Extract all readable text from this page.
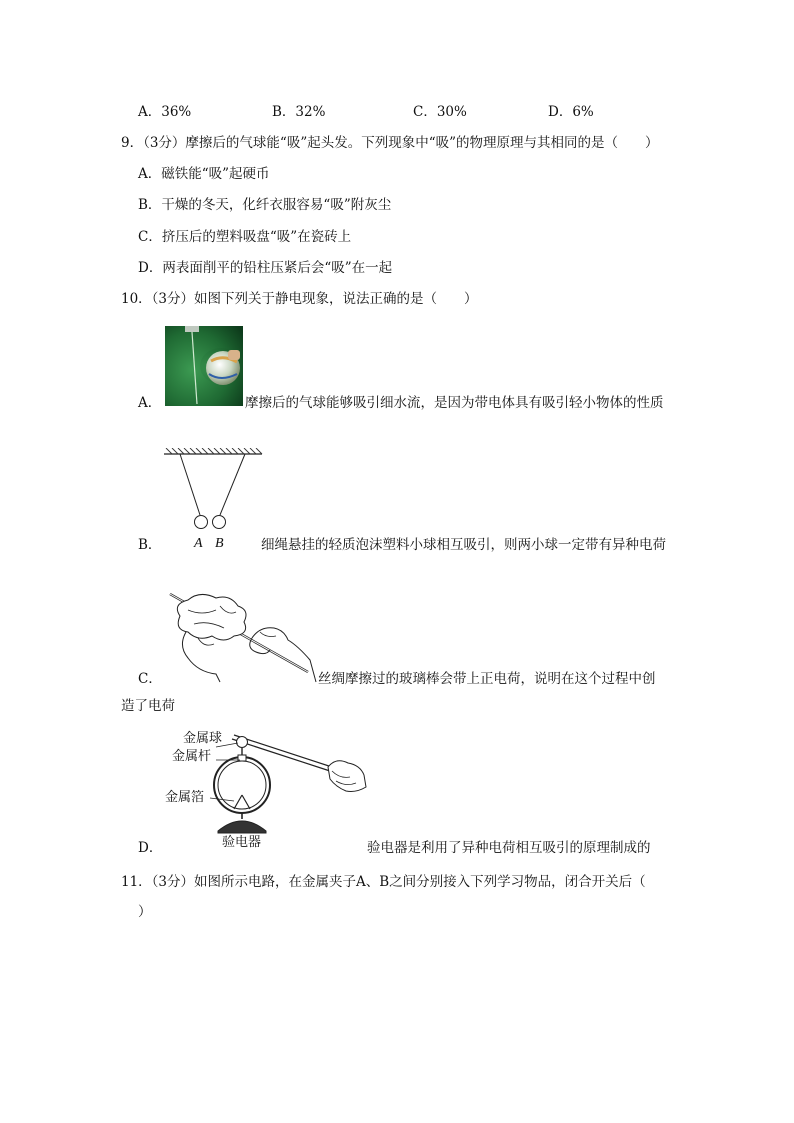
A．36%	B．32%	C．30%	D．6%
9．（3分）摩擦后的气球能“吸”起头发。下列现象中“吸”的物理原理与其相同的是（　　）
A．磁铁能“吸”起硬币
B．干燥的冬天，化纤衣服容易“吸”附灰尘
C．挤压后的塑料吸盘“吸”在瓷砖上
D．两表面削平的铅柱压紧后会“吸”在一起
10．（3分）如图下列关于静电现象，说法正确的是（　　）
A．	摩擦后的气球能够吸引细水流，是因为带电体具有吸引轻小物体的性质
A B
B．	细绳悬挂的轻质泡沫塑料小球相互吸引，则两小球一定带有异种电荷
C．	丝绸摩擦过的玻璃棒会带上正电荷，说明在这个过程中创
造了电荷
金属球
金属杆
金属箔
验电器
D．	验电器是利用了异种电荷相互吸引的原理制成的
11．（3分）如图所示电路，在金属夹子A、B之间分别接入下列学习物品，闭合开关后（
）
